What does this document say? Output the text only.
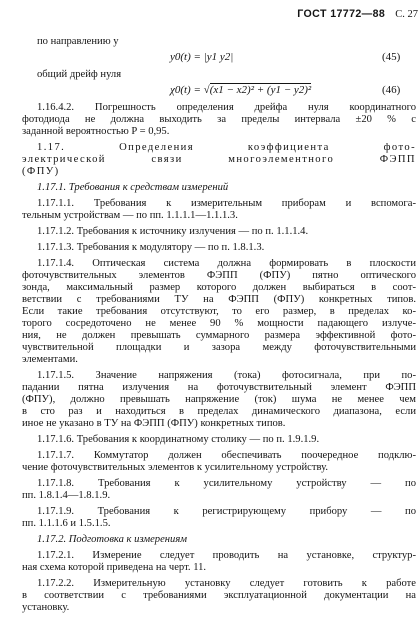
ГОСТ 17772—88 С. 27

по направлению y

y0(t) = |y1 y2|	(45)

общий дрейф нуля

χ0(t) = √
(x1 − x2)² + (y1 − y2)²	(46)

1.16.4.2. Погрешность определения дрейфа нуля координатного

фотодиода не должна выходить за пределы интервала ±20 % с

заданной вероятностью P = 0,95.

1.17. Определения коэффициента фото-

электрической связи многоэлементного ФЭПП

(ФПУ)

1.17.1. Требования к средствам измерений

1.17.1.1. Требования к измерительным приборам и вспомога-

тельным устройствам — по пп. 1.1.1.1—1.1.1.3.

1.17.1.2. Требования к источнику излучения — по п. 1.1.1.4.

1.17.1.3. Требования к модулятору — по п. 1.8.1.3.

1.17.1.4. Оптическая система должна формировать в плоскости

фоточувствительных элементов ФЭПП (ФПУ) пятно оптического

зонда, максимальный размер которого должен выбираться в соот-

ветствии с требованиями ТУ на ФЭПП (ФПУ) конкретных типов.

Если такие требования отсутствуют, то его размер, в пределах ко-

торого сосредоточено не менее 90 % мощности падающего излуче-

ния, не должен превышать суммарного размера эффективной фото-

чувствительной площадки и зазора между фоточувствительными

элементами.

1.17.1.5. Значение напряжения (тока) фотосигнала, при по-

падании пятна излучения на фоточувствительный элемент ФЭПП

(ФПУ), должно превышать напряжение (ток) шума не менее чем

в сто раз и находиться в пределах динамического диапазона, если

иное не указано в ТУ на ФЭПП (ФПУ) конкретных типов.

1.17.1.6. Требования к координатному столику — по п. 1.9.1.9.

1.17.1.7. Коммутатор должен обеспечивать поочередное подклю-

чение фоточувствительных элементов к усилительному устройству.

1.17.1.8. Требования к усилительному устройству — по

пп. 1.8.1.4—1.8.1.9.

1.17.1.9. Требования к регистрирующему прибору — по

пп. 1.1.1.6 и 1.5.1.5.

1.17.2. Подготовка к измерениям

1.17.2.1. Измерение следует проводить на установке, структур-

ная схема которой приведена на черт. 11.

1.17.2.2. Измерительную установку следует готовить к работе

в соответствии с требованиями эксплуатационной документации на

установку.
